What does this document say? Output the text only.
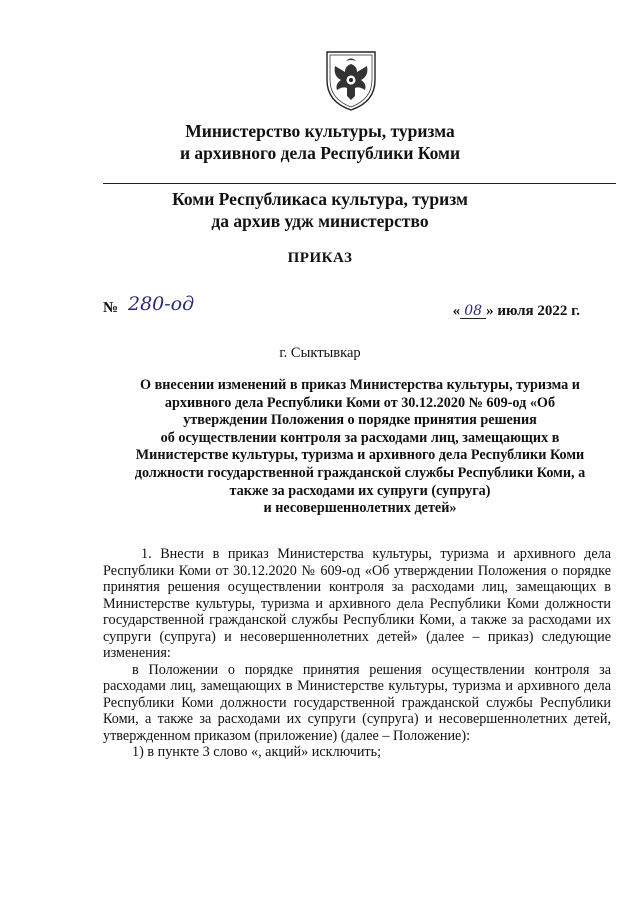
Министерство культуры, туризма
и архивного дела Республики Коми
Коми Республикаса культура, туризм
да архив удж министерство
ПРИКАЗ
№ 280-од	« 08 » июля 2022 г.
г. Сыктывкар
О внесении изменений в приказ Министерства культуры, туризма и
архивного дела Республики Коми от 30.12.2020 № 609-од «Об
утверждении Положения о порядке принятия решения
об осуществлении контроля за расходами лиц, замещающих в
Министерстве культуры, туризма и архивного дела Республики Коми
должности государственной гражданской службы Республики Коми, а
также за расходами их супруги (супруга)
и несовершеннолетних детей»

1. Внести в приказ Министерства культуры, туризма и архивного дела Республики Коми от 30.12.2020 № 609-од «Об утверждении Положения о порядке принятия решения осуществлении контроля за расходами лиц, замещающих в Министерстве культуры, туризма и архивного дела Республики Коми должности государственной гражданской службы Республики Коми, а также за расходами их супруги (супруга) и несовершеннолетних детей» (далее – приказ) следующие изменения:

в Положении о порядке принятия решения осуществлении контроля за расходами лиц, замещающих в Министерстве культуры, туризма и архивного дела Республики Коми должности государственной гражданской службы Республики Коми, а также за расходами их супруги (супруга) и несовершеннолетних детей, утвержденном приказом (приложение) (далее – Положение):

1) в пункте 3 слово «, акций» исключить;
